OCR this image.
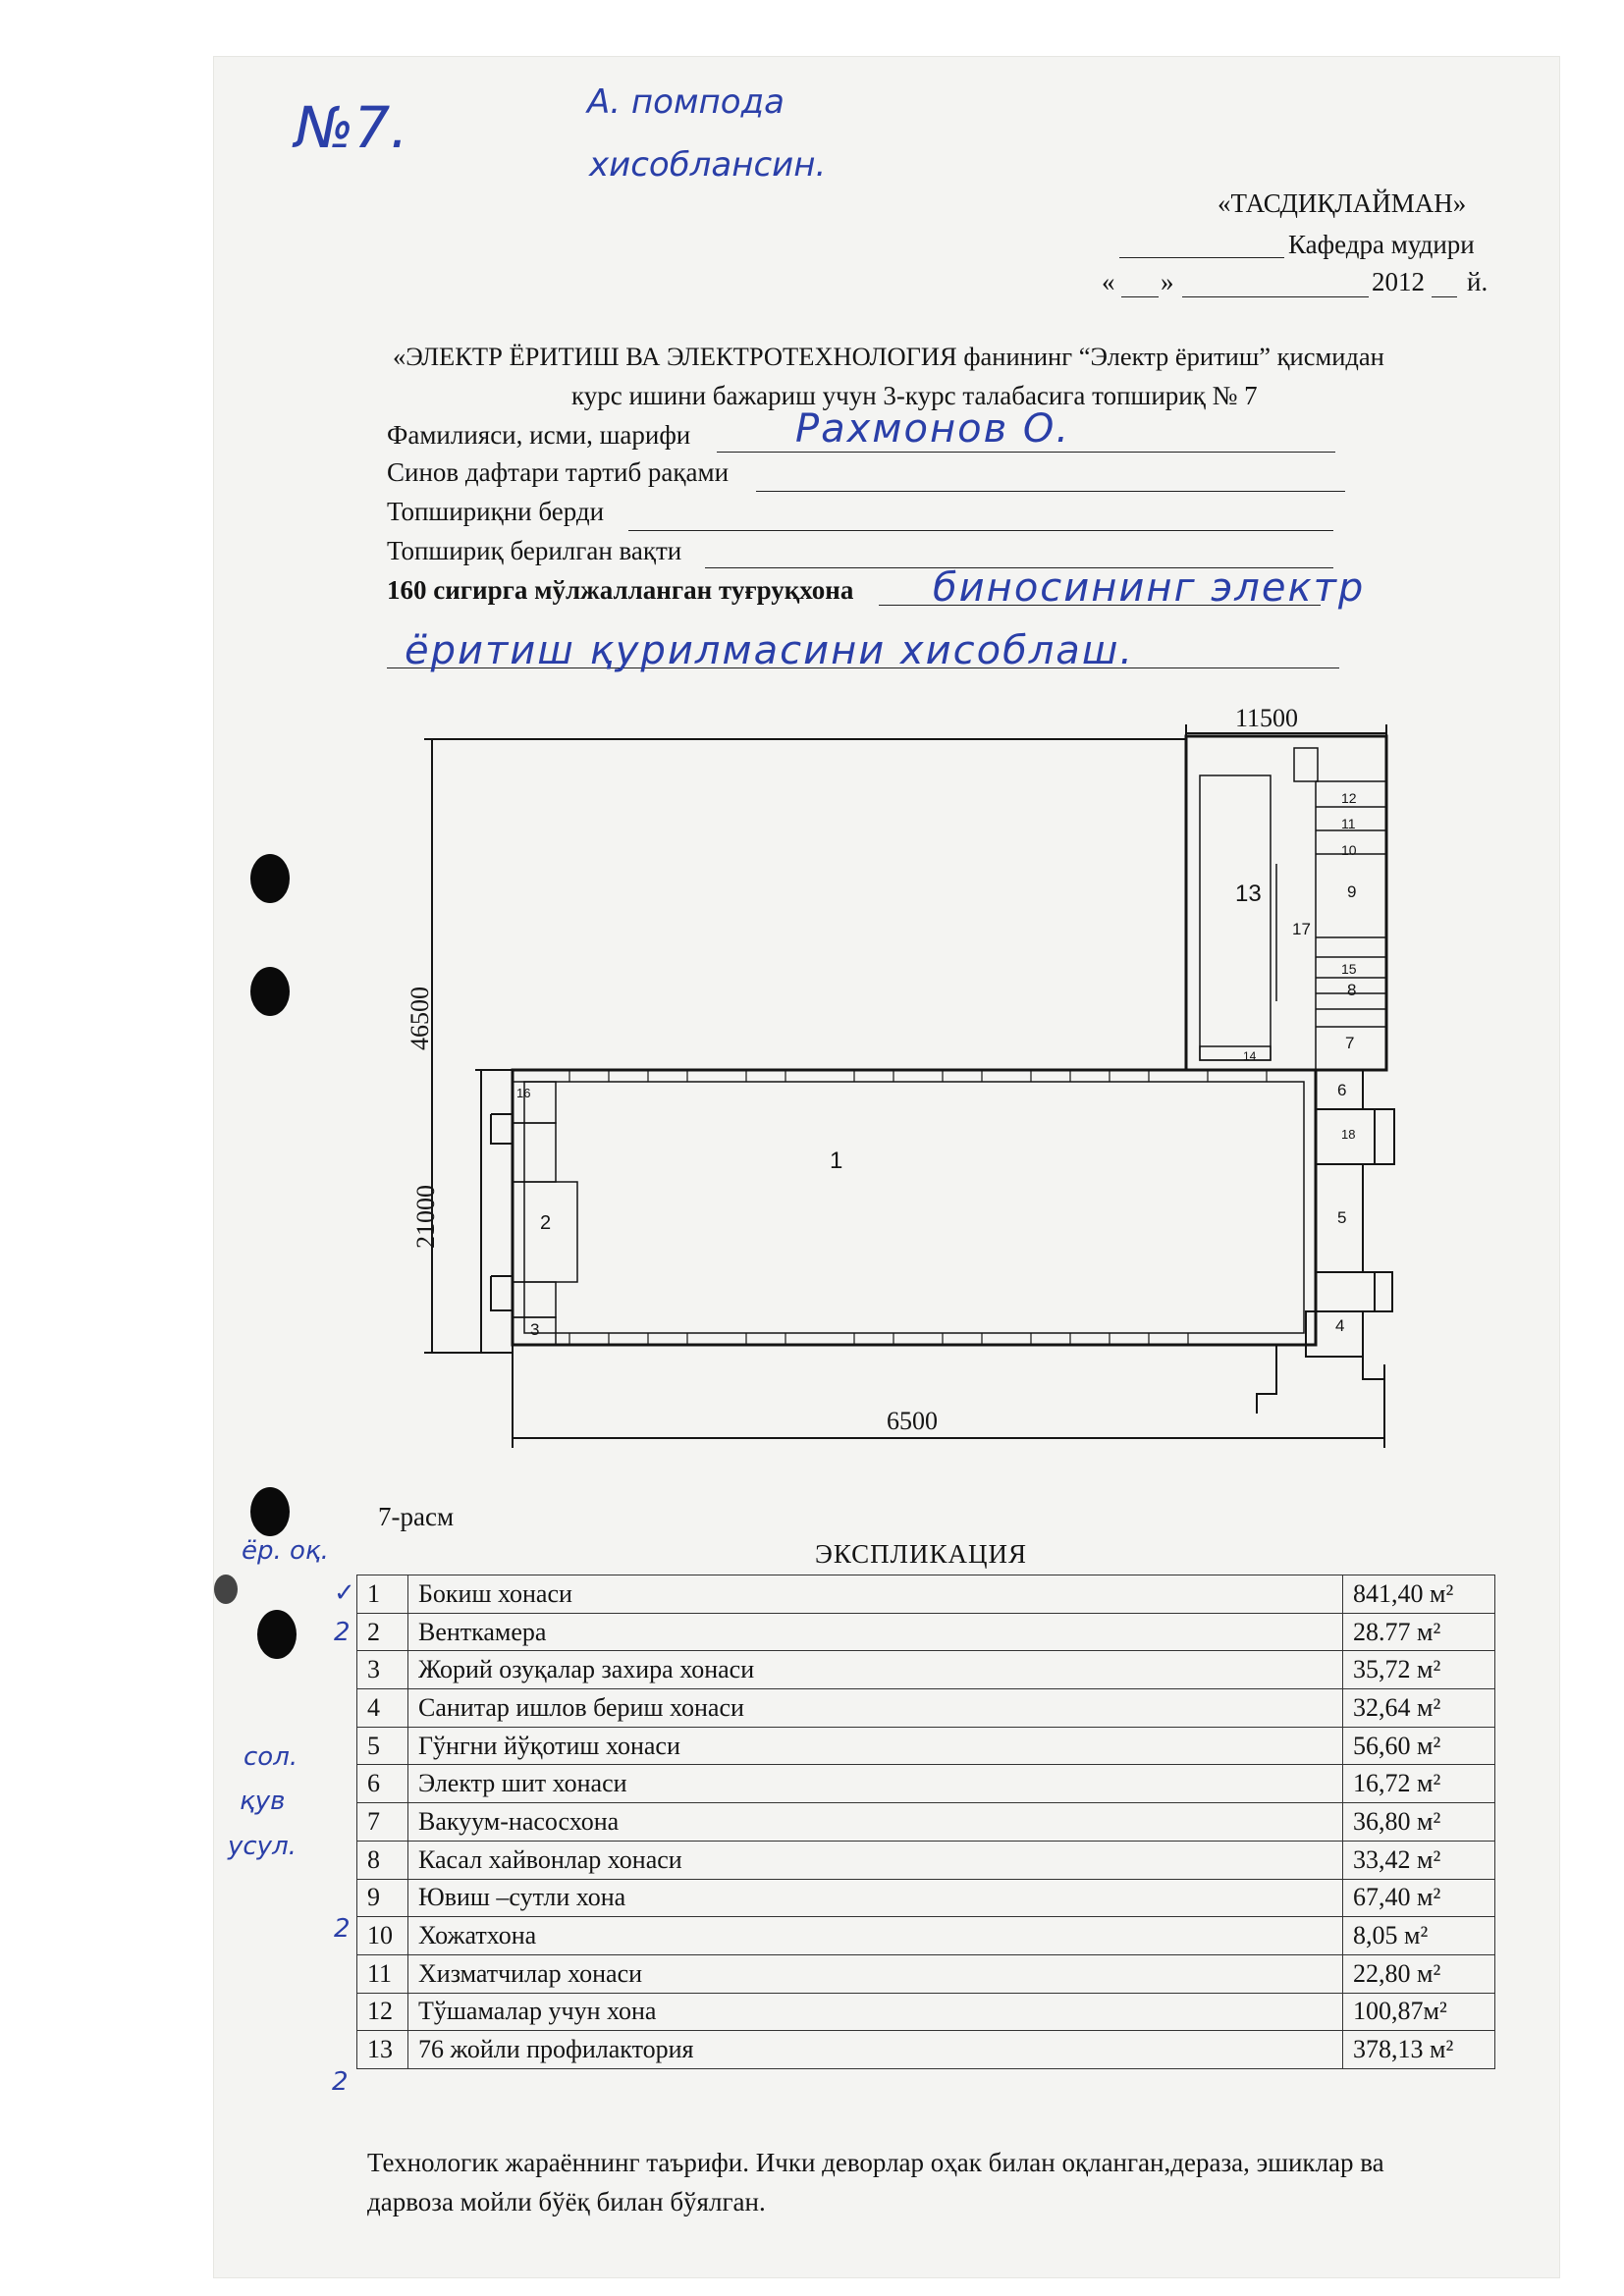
№7.	А. помпода
хисоблансин.
«ТАСДИҚЛАЙМАН»
Кафедра мудири
« »	2012 й.
«ЭЛЕКТР ЁРИТИШ ВА ЭЛЕКТРОТЕХНОЛОГИЯ фанининг “Электр ёритиш” қисмидан
курс ишини бажариш учун 3-курс талабасига топшириқ № 7
Фамилияси, исми, шарифи	Рахмонов О.
Синов дафтари тартиб рақами
Топшириқни берди
Топшириқ берилган вақти
160 сигирга мўлжалланган туғруқхона биносининг электр
ёритиш қурилмасини хисоблаш.
11500
46500
21000
6500
1
2
3	4
5
6
7
8
9
10
11
12
13
14
15
16
17
18
7-расм
ёр. оқ.
сол.
қув
усул.
✓
2
2
2
ЭКСПЛИКАЦИЯ
1	Бокиш хонаси	841,40 м²
2	Венткамера	28.77 м²
3	Жорий озуқалар захира хонаси	35,72 м²
4	Санитар ишлов бериш хонаси	32,64 м²
5	Гўнгни йўқотиш хонаси	56,60 м²
6	Электр шит хонаси	16,72 м²
7	Вакуум-насосхона	36,80 м²
8	Касал хайвонлар хонаси	33,42 м²
9	Ювиш –сутли хона	67,40 м²
10	Хожатхона	8,05 м²
11	Хизматчилар хонаси	22,80 м²
12	Тўшамалар учун хона	100,87м²
13	76 жойли профилактория	378,13 м²
Технологик жараённинг таърифи. Ички деворлар оҳак билан оқланган,дераза, эшиклар ва
дарвоза мойли бўёқ билан бўялган.
